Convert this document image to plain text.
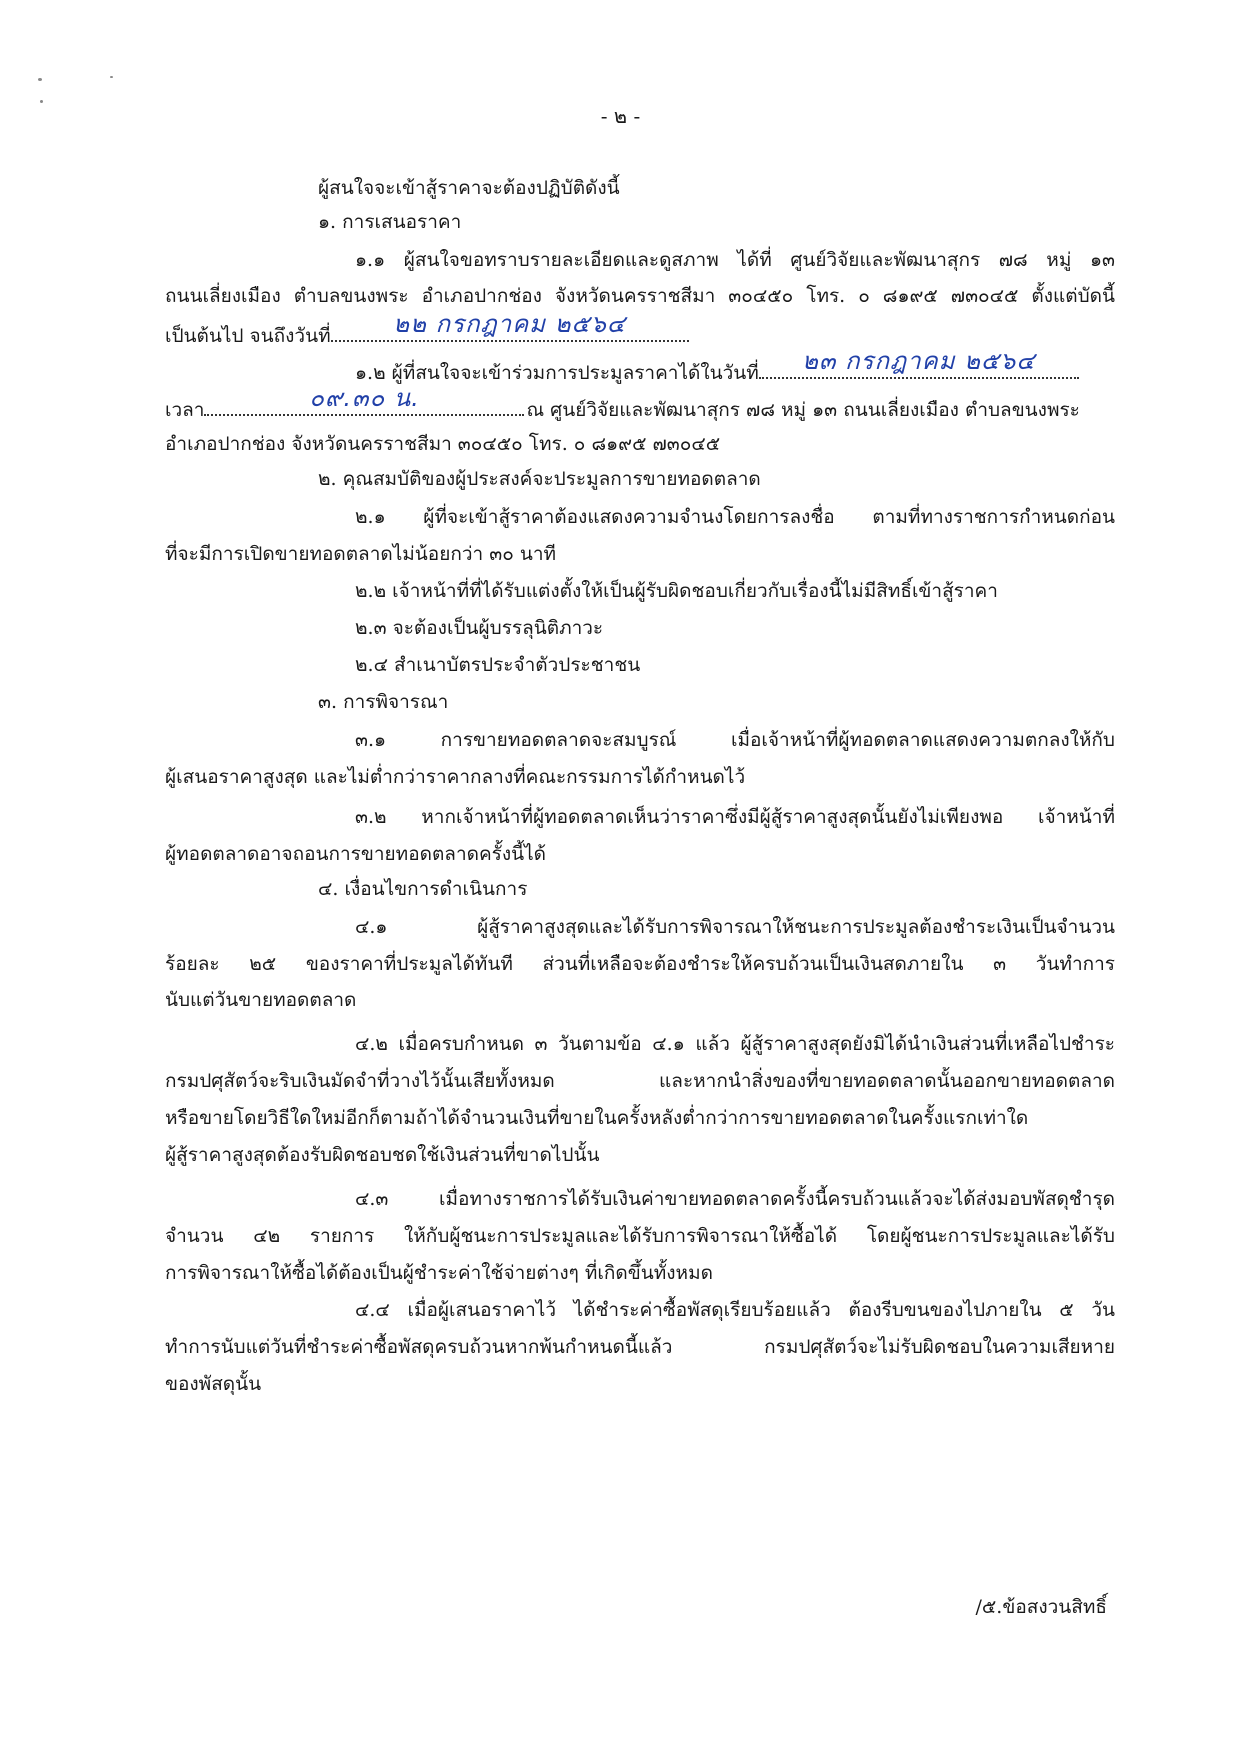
- ๒ -
ผู้สนใจจะเข้าสู้ราคาจะต้องปฏิบัติดังนี้
๑. การเสนอราคา
๑.๑ ผู้สนใจขอทราบรายละเอียดและดูสภาพ ได้ที่ ศูนย์วิจัยและพัฒนาสุกร ๗๘ หมู่ ๑๓
ถนนเลี่ยงเมือง ตำบลขนงพระ อำเภอปากช่อง จังหวัดนครราชสีมา ๓๐๔๕๐ โทร. ๐ ๘๑๙๕ ๗๓๐๔๕ ตั้งแต่บัดนี้
เป็นต้นไป จนถึงวันที่	๒๒ กรกฎาคม ๒๕๖๔
๑.๒ ผู้ที่สนใจจะเข้าร่วมการประมูลราคาได้ในวันที่	๒๓ กรกฎาคม ๒๕๖๔
เวลา	๐๙.๓๐ น.	ณ ศูนย์วิจัยและพัฒนาสุกร ๗๘ หมู่ ๑๓ ถนนเลี่ยงเมือง ตำบลขนงพระ
อำเภอปากช่อง จังหวัดนครราชสีมา ๓๐๔๕๐ โทร. ๐ ๘๑๙๕ ๗๓๐๔๕
๒. คุณสมบัติของผู้ประสงค์จะประมูลการขายทอดตลาด
๒.๑ ผู้ที่จะเข้าสู้ราคาต้องแสดงความจำนงโดยการลงชื่อ ตามที่ทางราชการกำหนดก่อน
ที่จะมีการเปิดขายทอดตลาดไม่น้อยกว่า ๓๐ นาที
๒.๒ เจ้าหน้าที่ที่ได้รับแต่งตั้งให้เป็นผู้รับผิดชอบเกี่ยวกับเรื่องนี้ไม่มีสิทธิ์เข้าสู้ราคา
๒.๓ จะต้องเป็นผู้บรรลุนิติภาวะ
๒.๔ สำเนาบัตรประจำตัวประชาชน
๓. การพิจารณา
๓.๑ การขายทอดตลาดจะสมบูรณ์ เมื่อเจ้าหน้าที่ผู้ทอดตลาดแสดงความตกลงให้กับ
ผู้เสนอราคาสูงสุด และไม่ต่ำกว่าราคากลางที่คณะกรรมการได้กำหนดไว้
๓.๒ หากเจ้าหน้าที่ผู้ทอดตลาดเห็นว่าราคาซึ่งมีผู้สู้ราคาสูงสุดนั้นยังไม่เพียงพอ เจ้าหน้าที่
ผู้ทอดตลาดอาจถอนการขายทอดตลาดครั้งนี้ได้
๔. เงื่อนไขการดำเนินการ
๔.๑ ผู้สู้ราคาสูงสุดและได้รับการพิจารณาให้ชนะการประมูลต้องชำระเงินเป็นจำนวน
ร้อยละ ๒๕ ของราคาที่ประมูลได้ทันที ส่วนที่เหลือจะต้องชำระให้ครบถ้วนเป็นเงินสดภายใน ๓ วันทำการ
นับแต่วันขายทอดตลาด
๔.๒ เมื่อครบกำหนด ๓ วันตามข้อ ๔.๑ แล้ว ผู้สู้ราคาสูงสุดยังมิได้นำเงินส่วนที่เหลือไปชำระ
กรมปศุสัตว์จะริบเงินมัดจำที่วางไว้นั้นเสียทั้งหมด และหากนำสิ่งของที่ขายทอดตลาดนั้นออกขายทอดตลาด
หรือขายโดยวิธีใดใหม่อีกก็ตามถ้าได้จำนวนเงินที่ขายในครั้งหลังต่ำกว่าการขายทอดตลาดในครั้งแรกเท่าใด
ผู้สู้ราคาสูงสุดต้องรับผิดชอบชดใช้เงินส่วนที่ขาดไปนั้น
๔.๓ เมื่อทางราชการได้รับเงินค่าขายทอดตลาดครั้งนี้ครบถ้วนแล้วจะได้ส่งมอบพัสดุชำรุด
จำนวน ๔๒ รายการ ให้กับผู้ชนะการประมูลและได้รับการพิจารณาให้ซื้อได้ โดยผู้ชนะการประมูลและได้รับ
การพิจารณาให้ซื้อได้ต้องเป็นผู้ชำระค่าใช้จ่ายต่างๆ ที่เกิดขึ้นทั้งหมด
๔.๔ เมื่อผู้เสนอราคาไว้ ได้ชำระค่าซื้อพัสดุเรียบร้อยแล้ว ต้องรีบขนของไปภายใน ๕ วัน
ทำการนับแต่วันที่ชำระค่าซื้อพัสดุครบถ้วนหากพ้นกำหนดนี้แล้ว กรมปศุสัตว์จะไม่รับผิดชอบในความเสียหาย
ของพัสดุนั้น
/๕.ข้อสงวนสิทธิ์
